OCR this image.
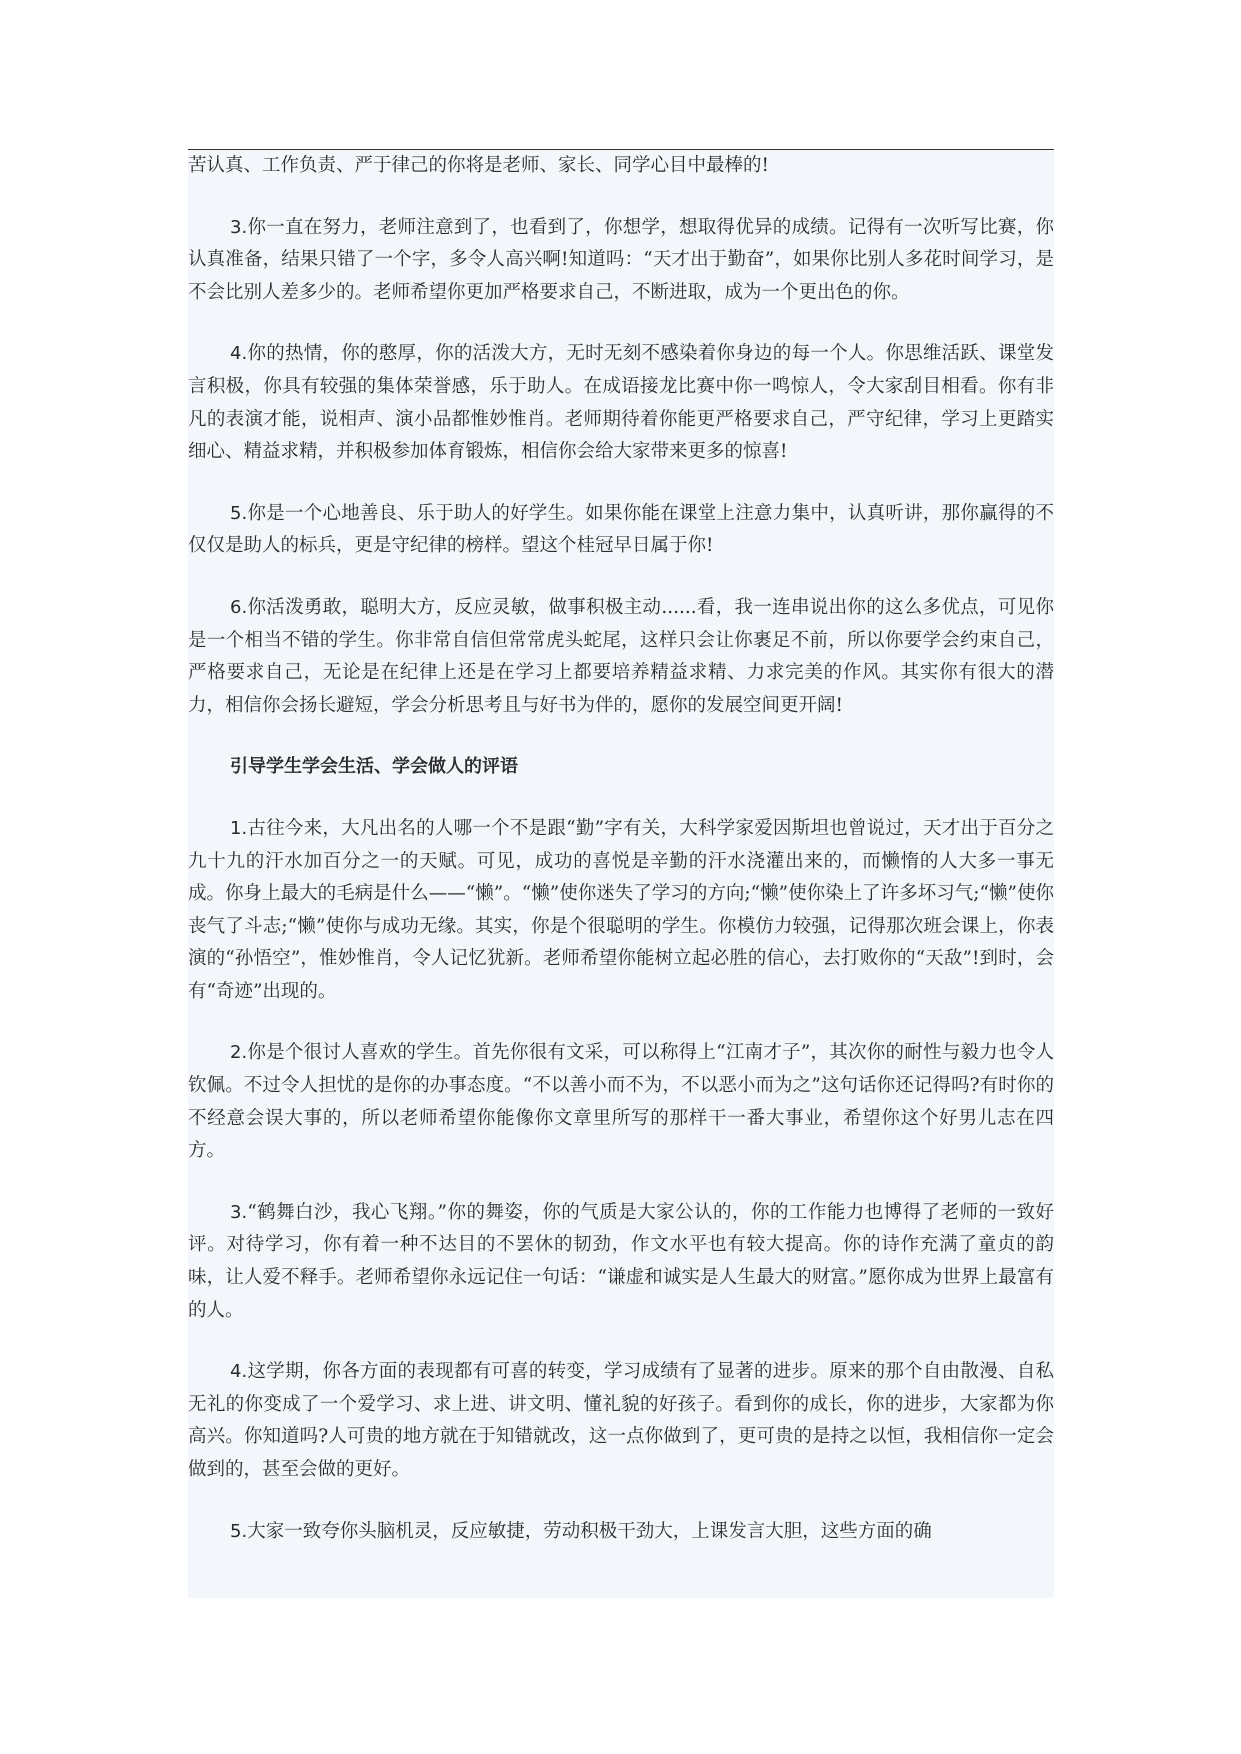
苦认真、工作负责、严于律己的你将是老师、家长、同学心目中最棒的!

3.你一直在努力，老师注意到了，也看到了，你想学，想取得优异的成绩。记得有一次听写比赛，你认真准备，结果只错了一个字，多令人高兴啊!知道吗：“天才出于勤奋”，如果你比别人多花时间学习，是不会比别人差多少的。老师希望你更加严格要求自己，不断进取，成为一个更出色的你。

4.你的热情，你的憨厚，你的活泼大方，无时无刻不感染着你身边的每一个人。你思维活跃、课堂发言积极，你具有较强的集体荣誉感，乐于助人。在成语接龙比赛中你一鸣惊人，令大家刮目相看。你有非凡的表演才能，说相声、演小品都惟妙惟肖。老师期待着你能更严格要求自己，严守纪律，学习上更踏实细心、精益求精，并积极参加体育锻炼，相信你会给大家带来更多的惊喜!

5.你是一个心地善良、乐于助人的好学生。如果你能在课堂上注意力集中，认真听讲，那你赢得的不仅仅是助人的标兵，更是守纪律的榜样。望这个桂冠早日属于你!

6.你活泼勇敢，聪明大方，反应灵敏，做事积极主动......看，我一连串说出你的这么多优点，可见你是一个相当不错的学生。你非常自信但常常虎头蛇尾，这样只会让你裹足不前，所以你要学会约束自己，严格要求自己，无论是在纪律上还是在学习上都要培养精益求精、力求完美的作风。其实你有很大的潜力，相信你会扬长避短，学会分析思考且与好书为伴的，愿你的发展空间更开阔!

引导学生学会生活、学会做人的评语

1.古往今来，大凡出名的人哪一个不是跟“勤”字有关，大科学家爱因斯坦也曾说过，天才出于百分之九十九的汗水加百分之一的天赋。可见，成功的喜悦是辛勤的汗水浇灌出来的，而懒惰的人大多一事无成。你身上最大的毛病是什么——“懒”。“懒”使你迷失了学习的方向;“懒”使你染上了许多坏习气;“懒”使你丧气了斗志;“懒”使你与成功无缘。其实，你是个很聪明的学生。你模仿力较强，记得那次班会课上，你表演的“孙悟空”，惟妙惟肖，令人记忆犹新。老师希望你能树立起必胜的信心，去打败你的“天敌”!到时，会有“奇迹”出现的。

2.你是个很讨人喜欢的学生。首先你很有文采，可以称得上“江南才子”，其次你的耐性与毅力也令人钦佩。不过令人担忧的是你的办事态度。“不以善小而不为，不以恶小而为之”这句话你还记得吗?有时你的不经意会误大事的，所以老师希望你能像你文章里所写的那样干一番大事业，希望你这个好男儿志在四方。

3.“鹤舞白沙，我心飞翔。”你的舞姿，你的气质是大家公认的，你的工作能力也博得了老师的一致好评。对待学习，你有着一种不达目的不罢休的韧劲，作文水平也有较大提高。你的诗作充满了童贞的韵味，让人爱不释手。老师希望你永远记住一句话：“谦虚和诚实是人生最大的财富。”愿你成为世界上最富有的人。

4.这学期，你各方面的表现都有可喜的转变，学习成绩有了显著的进步。原来的那个自由散漫、自私无礼的你变成了一个爱学习、求上进、讲文明、懂礼貌的好孩子。看到你的成长，你的进步，大家都为你高兴。你知道吗?人可贵的地方就在于知错就改，这一点你做到了，更可贵的是持之以恒，我相信你一定会做到的，甚至会做的更好。

5.大家一致夸你头脑机灵，反应敏捷，劳动积极干劲大，上课发言大胆，这些方面的确
